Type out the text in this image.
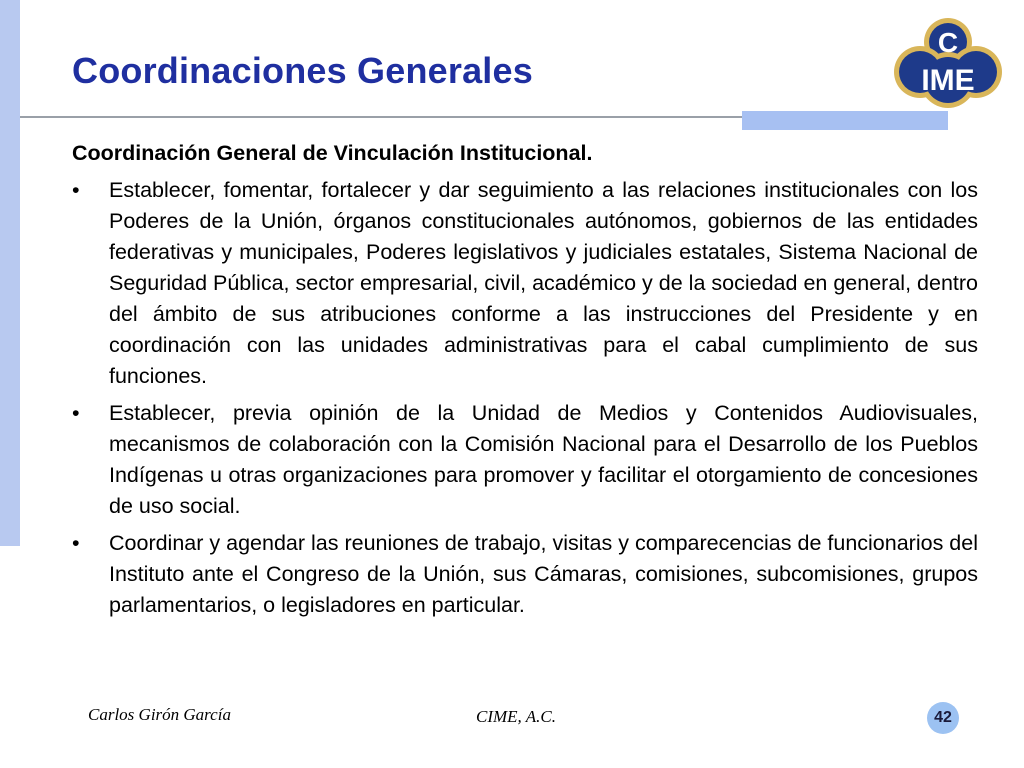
Coordinaciones Generales
C
IME

Coordinación General de Vinculación Institucional.

• Establecer, fomentar, fortalecer y dar seguimiento a las relaciones institucionales con los Poderes de la Unión, órganos constitucionales autónomos, gobiernos de las entidades federativas y municipales, Poderes legislativos y judiciales estatales, Sistema Nacional de Seguridad Pública, sector empresarial, civil, académico y de la sociedad en general, dentro del ámbito de sus atribuciones conforme a las instrucciones del Presidente y en coordinación con las unidades administrativas para el cabal cumplimiento de sus funciones.
• Establecer, previa opinión de la Unidad de Medios y Contenidos Audiovisuales, mecanismos de colaboración con la Comisión Nacional para el Desarrollo de los Pueblos Indígenas u otras organizaciones para promover y facilitar el otorgamiento de concesiones de uso social.
• Coordinar y agendar las reuniones de trabajo, visitas y comparecencias de funcionarios del Instituto ante el Congreso de la Unión, sus Cámaras, comisiones, subcomisiones, grupos parlamentarios, o legisladores en particular.
Carlos Girón García	CIME, A.C.	42
